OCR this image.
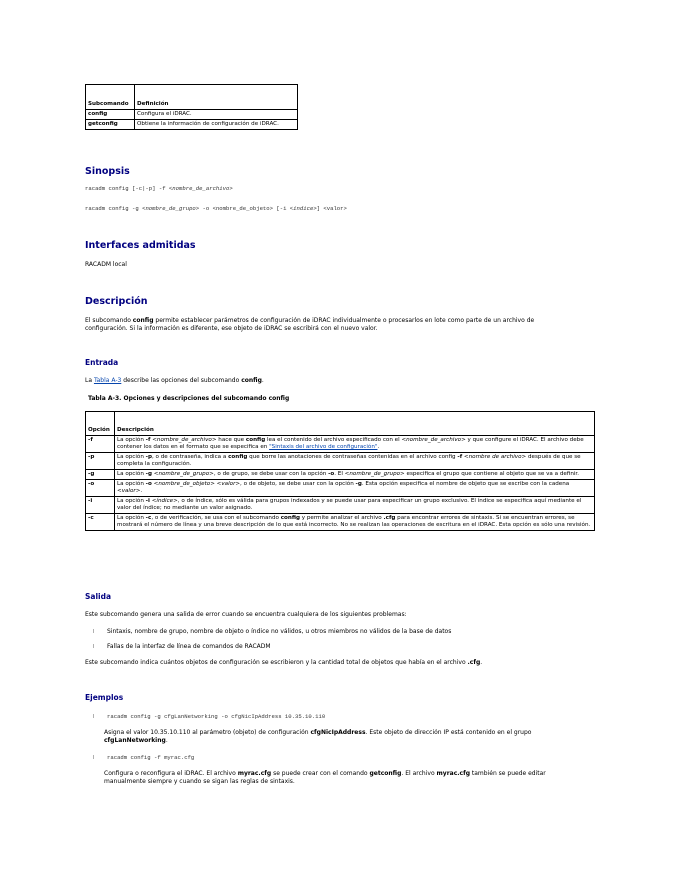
Subcomando	Definición
config	Configura el iDRAC.
getconfig	Obtiene la información de configuración de iDRAC.
Sinopsis
racadm config [-c|-p] -f <nombre_de_archivo>
racadm config -g <nombre_de_grupo> -o <nombre_de_objeto> [-i <índice>] <valor>
Interfaces admitidas
RACADM local
Descripción

El subcomando config permite establecer parámetros de configuración de iDRAC individualmente o procesarlos en lote como parte de un archivo de configuración. Si la información es diferente, ese objeto de iDRAC se escribirá con el nuevo valor.

Entrada

La Tabla A-3 describe las opciones del subcomando config.

Tabla A-3. Opciones y descripciones del subcomando config
Opción	Descripción
-f	La opción -f <nombre_de_archivo> hace que config lea el contenido del archivo especificado con el <nombre_de_archivo> y que configure el iDRAC. El archivo debe contener los datos en el formato que se especifica en "Sintaxis del archivo de configuración".
-p	La opción -p, o de contraseña, indica a config que borre las anotaciones de contraseñas contenidas en el archivo config -f <nombre de archivo> después de que se completa la configuración.
-g	La opción -g <nombre_de_grupo>, o de grupo, se debe usar con la opción -o. El <nombre_de_grupo> especifica el grupo que contiene al objeto que se va a definir.
-o	La opción -o <nombre_de_objeto> <valor>, o de objeto, se debe usar con la opción -g. Esta opción especifica el nombre de objeto que se escribe con la cadena <valor>.
-i	La opción -i <índice>, o de índice, sólo es válida para grupos indexados y se puede usar para especificar un grupo exclusivo. El índice se especifica aquí mediante el valor del índice; no mediante un valor asignado.
-c	La opción -c, o de verificación, se usa con el subcomando config y permite analizar el archivo .cfg para encontrar errores de sintaxis. Si se encuentran errores, se mostrará el número de línea y una breve descripción de lo que está incorrecto. No se realizan las operaciones de escritura en el iDRAC. Esta opción es sólo una revisión.
Salida
Este subcomando genera una salida de error cuando se encuentra cualquiera de los siguientes problemas:
l Sintaxis, nombre de grupo, nombre de objeto o índice no válidos, u otros miembros no válidos de la base de datos
l Fallas de la interfaz de línea de comandos de RACADM

Este subcomando indica cuántos objetos de configuración se escribieron y la cantidad total de objetos que había en el archivo .cfg.

Ejemplos
l racadm config -g cfgLanNetworking -o cfgNicIpAddress 10.35.10.110

Asigna el valor 10.35.10.110 al parámetro (objeto) de configuración cfgNicIpAddress. Este objeto de dirección IP está contenido en el grupo cfgLanNetworking.

l racadm config -f myrac.cfg

Configura o reconfigura el iDRAC. El archivo myrac.cfg se puede crear con el comando getconfig. El archivo myrac.cfg también se puede editar manualmente siempre y cuando se sigan las reglas de sintaxis.
